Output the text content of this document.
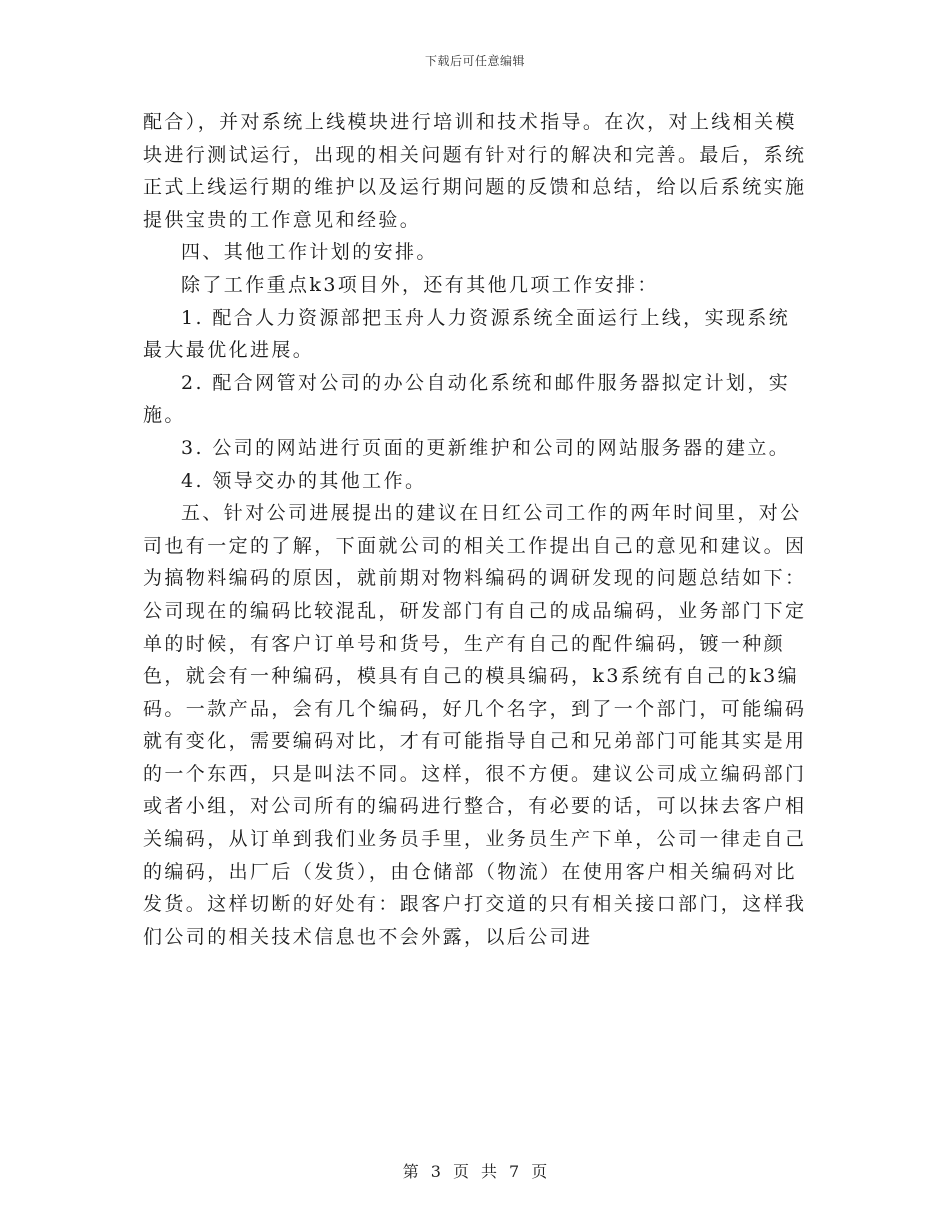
下载后可任意编辑

配合），并对系统上线模块进行培训和技术指导。在次，对上线相关模块进行测试运行，出现的相关问题有针对行的解决和完善。最后，系统正式上线运行期的维护以及运行期问题的反馈和总结，给以后系统实施提供宝贵的工作意见和经验。

四、其他工作计划的安排。

除了工作重点k3项目外，还有其他几项工作安排：

1. 配合人力资源部把玉舟人力资源系统全面运行上线，实现系统最大最优化进展。

2. 配合网管对公司的办公自动化系统和邮件服务器拟定计划，实施。

3. 公司的网站进行页面的更新维护和公司的网站服务器的建立。

4. 领导交办的其他工作。

五、针对公司进展提出的建议在日红公司工作的两年时间里，对公司也有一定的了解，下面就公司的相关工作提出自己的意见和建议。因为搞物料编码的原因，就前期对物料编码的调研发现的问题总结如下： 公司现在的编码比较混乱，研发部门有自己的成品编码，业务部门下定单的时候，有客户订单号和货号，生产有自己的配件编码，镀一种颜色，就会有一种编码，模具有自己的模具编码，k3系统有自己的k3编码。一款产品，会有几个编码，好几个名字，到了一个部门，可能编码就有变化，需要编码对比，才有可能指导自己和兄弟部门可能其实是用的一个东西，只是叫法不同。这样，很不方便。建议公司成立编码部门或者小组，对公司所有的编码进行整合，有必要的话，可以抹去客户相关编码，从订单到我们业务员手里，业务员生产下单，公司一律走自己的编码，出厂后（发货），由仓储部（物流）在使用客户相关编码对比发货。这样切断的好处有：跟客户打交道的只有相关接口部门，这样我们公司的相关技术信息也不会外露，以后公司进

第 3 页 共 7 页
